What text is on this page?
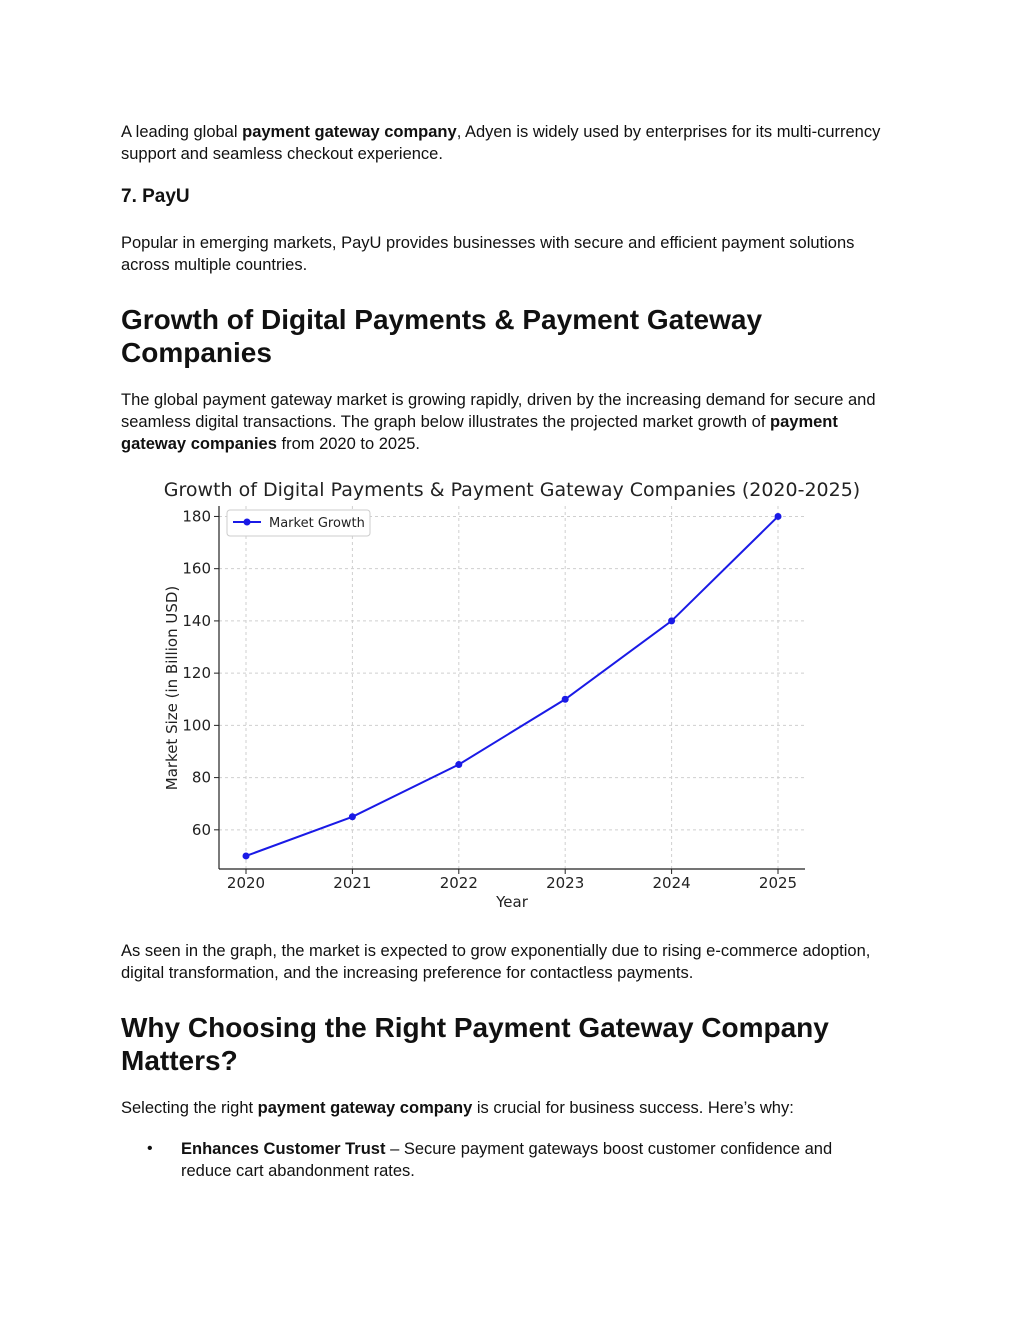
A leading global payment gateway company, Adyen is widely used by enterprises for its multi-currency support and seamless checkout experience.

7. PayU

Popular in emerging markets, PayU provides businesses with secure and efficient payment solutions across multiple countries.

Growth of Digital Payments & Payment Gateway Companies

The global payment gateway market is growing rapidly, driven by the increasing demand for secure and seamless digital transactions. The graph below illustrates the projected market growth of payment gateway companies from 2020 to 2025.

As seen in the graph, the market is expected to grow exponentially due to rising e-commerce adoption, digital transformation, and the increasing preference for contactless payments.

Why Choosing the Right Payment Gateway Company Matters?

Selecting the right payment gateway company is crucial for business success. Here’s why:

• Enhances Customer Trust – Secure payment gateways boost customer confidence and reduce cart abandonment rates.

Growth of Digital Payments & Payment Gateway Companies (2020-2025)
60
80
100
120
140
160
180
2020	2021	2022	2023	2024	2025
Year
Market Size (in Billion USD)
Market Growth
